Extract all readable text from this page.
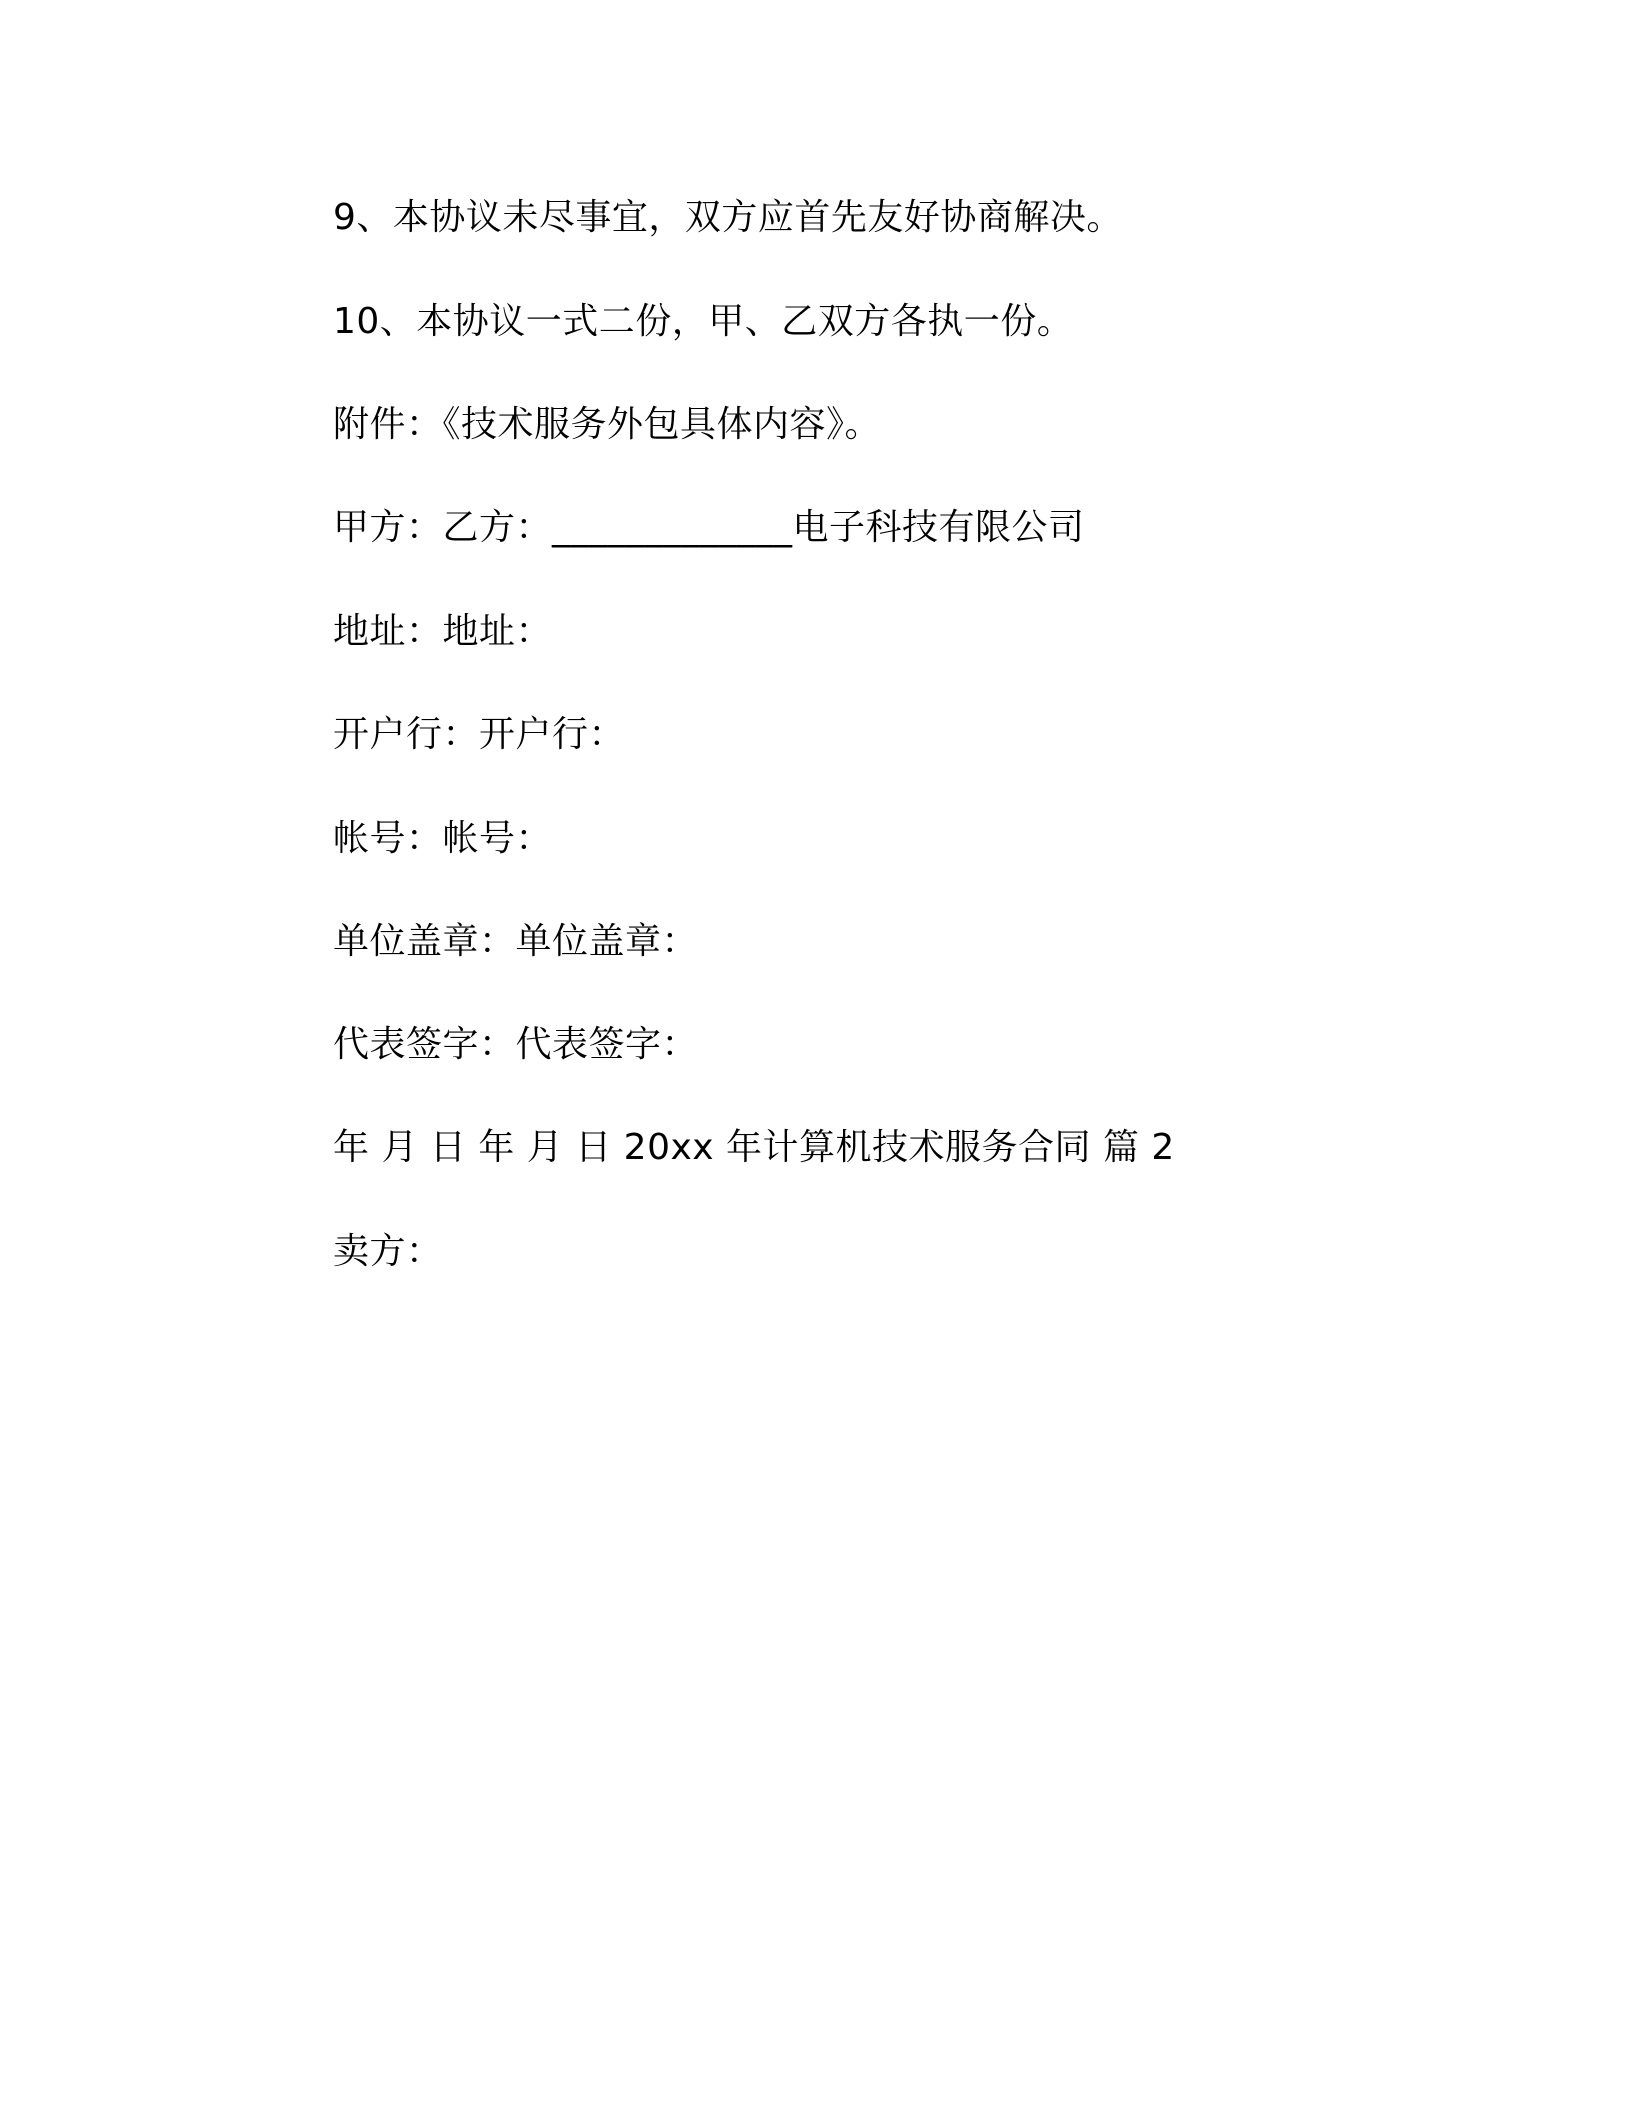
9、本协议未尽事宜，双方应首先友好协商解决。
10、本协议一式二份，甲、乙双方各执一份。
附件：《技术服务外包具体内容》。
甲方：乙方：_____________电子科技有限公司
地址：地址：
开户行：开户行：
帐号：帐号：
单位盖章：单位盖章：
代表签字：代表签字：
年 月 日 年 月 日 20xx 年计算机技术服务合同 篇 2
卖方：
